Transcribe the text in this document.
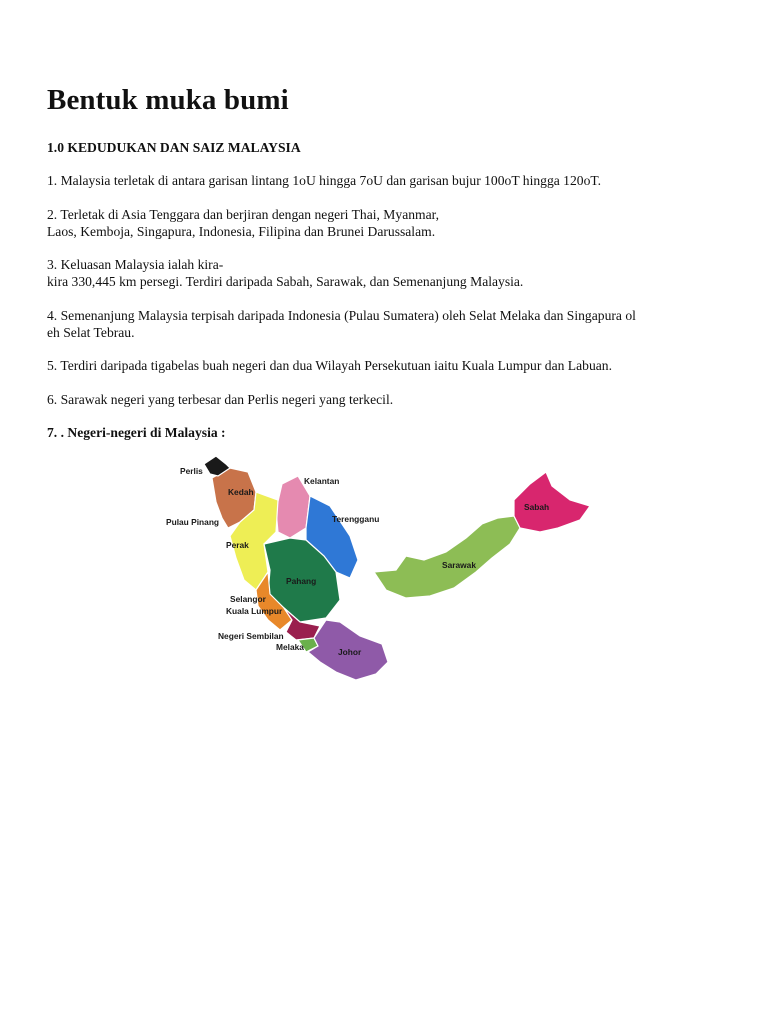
Bentuk muka bumi
1.0 KEDUDUKAN DAN SAIZ MALAYSIA
1. Malaysia terletak di antara garisan lintang 1oU hingga 7oU dan garisan bujur 100oT hingga 120oT.
2. Terletak di Asia Tenggara dan berjiran dengan negeri Thai, Myanmar,
Laos, Kemboja, Singapura, Indonesia, Filipina dan Brunei Darussalam.
3. Keluasan Malaysia ialah kira-
kira 330,445 km persegi. Terdiri daripada Sabah, Sarawak, dan Semenanjung Malaysia.
4. Semenanjung Malaysia terpisah daripada Indonesia (Pulau Sumatera) oleh Selat Melaka dan Singapura ol
eh Selat Tebrau.
5. Terdiri daripada tigabelas buah negeri dan dua Wilayah Persekutuan iaitu Kuala Lumpur dan Labuan.
6. Sarawak negeri yang terbesar dan Perlis negeri yang terkecil.
7. . Negeri-negeri di Malaysia :
Perlis
Kedah
Pulau Pinang
Kelantan
Terengganu
Perak
Pahang
Selangor
Kuala Lumpur
Negeri Sembilan
Melaka	Johor
Sarawak
Sabah
